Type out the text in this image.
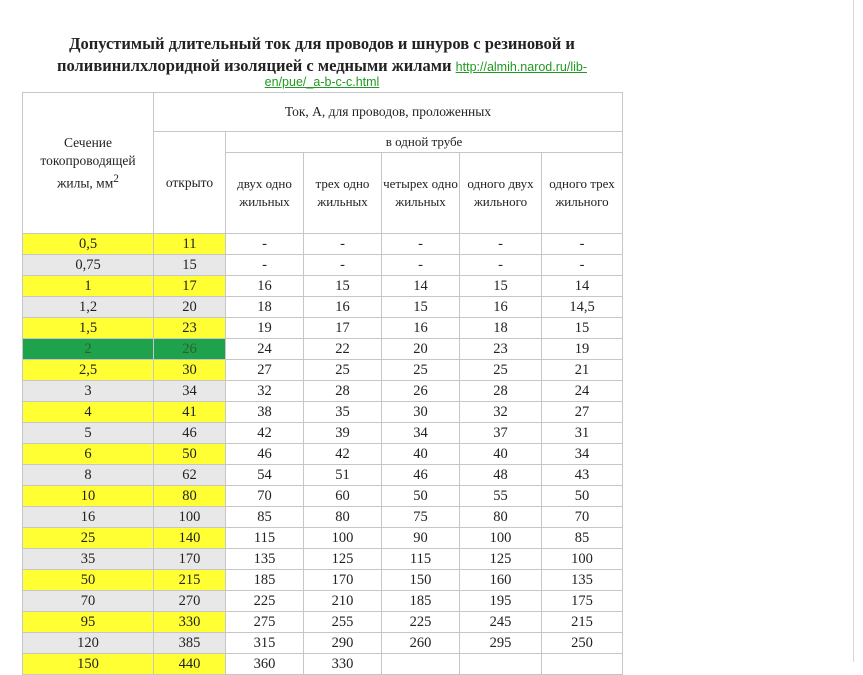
Допустимый длительный ток для проводов и шнуров с резиновой и
поливинилхлоридной изоляцией с медными жилами http://almih.narod.ru/lib-
en/pue/_a-b-c-c.html
Сечение токопроводящей жилы, $мм^2$	Ток, А, для проводов, проложенных					
	открыто	в одной трубе				
		двух одно жильных	трех одно жильных	четырех одно жильных	одного двух жильного	одного трех жильного
0,5	11	-	-	-	-	-
0,75	15	-	-	-	-	-
1	17	16	15	14	15	14
1,2	20	18	16	15	16	14,5
1,5	23	19	17	16	18	15
2	26	24	22	20	23	19
2,5	30	27	25	25	25	21
3	34	32	28	26	28	24
4	41	38	35	30	32	27
5	46	42	39	34	37	31
6	50	46	42	40	40	34
8	62	54	51	46	48	43
10	80	70	60	50	55	50
16	100	85	80	75	80	70
25	140	115	100	90	100	85
35	170	135	125	115	125	100
50	215	185	170	150	160	135
70	270	225	210	185	195	175
95	330	275	255	225	245	215
120	385	315	290	260	295	250
150	440	360	330			
